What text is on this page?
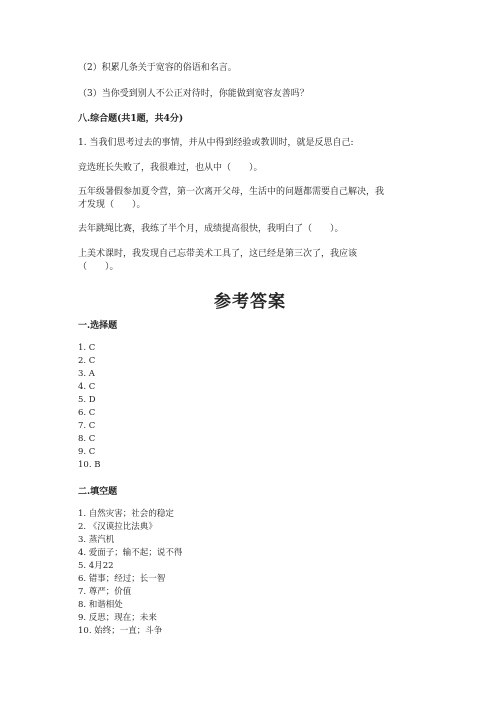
（2）积累几条关于宽容的俗语和名言。
（3）当你受到别人不公正对待时，你能做到宽容友善吗？
八.综合题(共1题，共4分)
1. 当我们思考过去的事情，并从中得到经验或教训时，就是反思自己:
竞选班长失败了，我很难过，也从中（　　）。
五年级暑假参加夏令营，第一次离开父母，生活中的问题都需要自己解决，我
才发现（　　）。
去年跳绳比赛，我练了半个月，成绩提高很快，我明白了（　　）。
上美术课时，我发现自己忘带美术工具了，这已经是第三次了，我应该
（　　）。
参考答案
一.选择题
1. C
2. C
3. A
4. C
5. D
6. C
7. C
8. C
9. C
10. B
二.填空题
1. 自然灾害；社会的稳定
2. 《汉谟拉比法典》
3. 蒸汽机
4. 爱面子；输不起；说不得
5. 4月22
6. 错事；经过；长一智
7. 尊严；价值
8. 和谐相处
9. 反思；现在；未来
10. 始终；一直；斗争
